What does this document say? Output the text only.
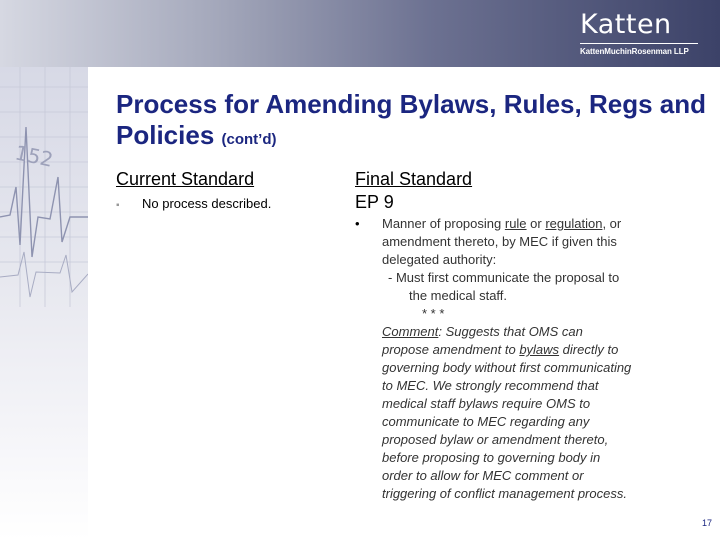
Katten
KattenMuchinRosenman LLP
152
Process for Amending Bylaws, Rules, Regs and Policies (cont’d)
Current Standard
▪ No process described.
Final Standard
EP 9
• Manner of proposing rule or regulation, or
amendment thereto, by MEC if given this
delegated authority:
- Must first communicate the proposal to
the medical staff.
* * *
Comment: Suggests that OMS can
propose amendment to bylaws directly to
governing body without first communicating
to MEC. We strongly recommend that
medical staff bylaws require OMS to
communicate to MEC regarding any
proposed bylaw or amendment thereto,
before proposing to governing body in
order to allow for MEC comment or
triggering of conflict management process.
17
